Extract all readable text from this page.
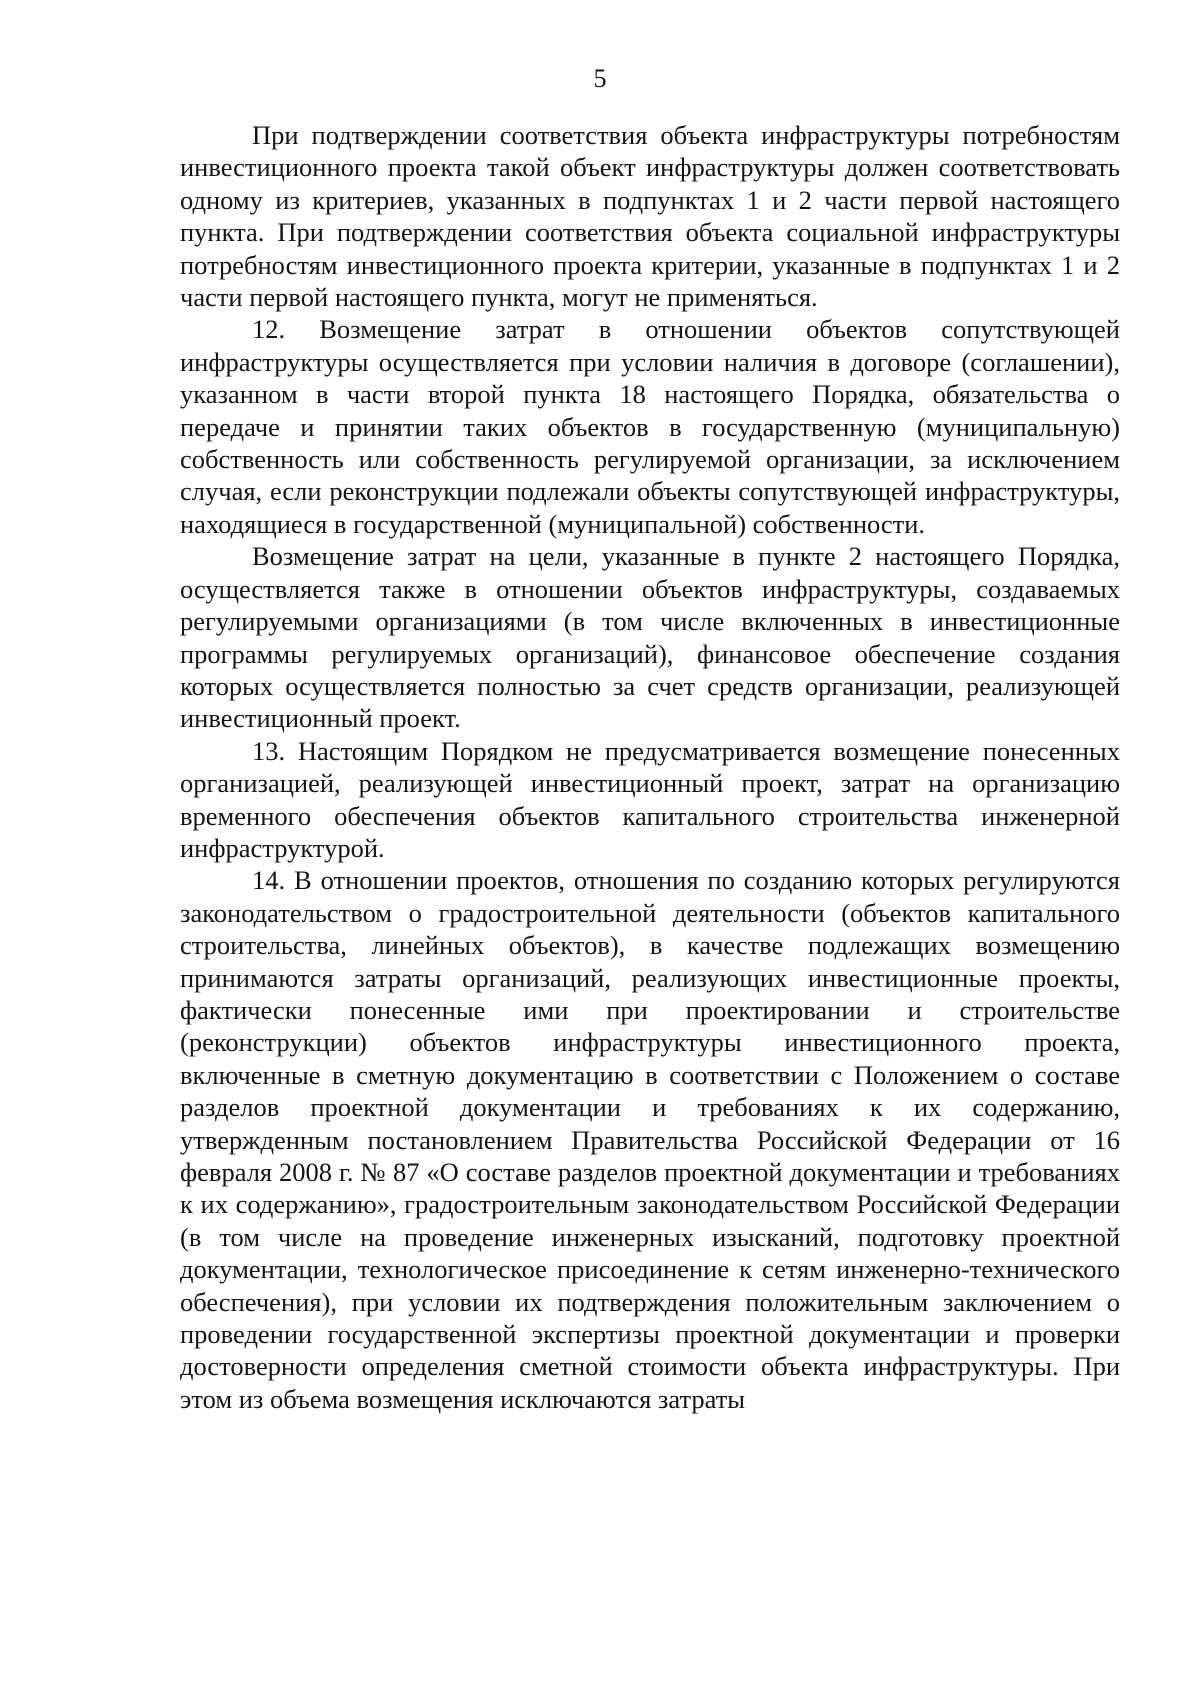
5

При подтверждении соответствия объекта инфраструктуры потребностям инвестиционного проекта такой объект инфраструктуры должен соответствовать одному из критериев, указанных в подпунктах 1 и 2 части первой настоящего пункта. При подтверждении соответствия объекта социальной инфраструктуры потребностям инвестиционного проекта критерии, указанные в подпунктах 1 и 2 части первой настоящего пункта, могут не применяться.

12. Возмещение затрат в отношении объектов сопутствующей инфраструктуры осуществляется при условии наличия в договоре (соглашении), указанном в части второй пункта 18 настоящего Порядка, обязательства о передаче и принятии таких объектов в государственную (муниципальную) собственность или собственность регулируемой организации, за исключением случая, если реконструкции подлежали объекты сопутствующей инфраструктуры, находящиеся в государственной (муниципальной) собственности.

Возмещение затрат на цели, указанные в пункте 2 настоящего Порядка, осуществляется также в отношении объектов инфраструктуры, создаваемых регулируемыми организациями (в том числе включенных в инвестиционные программы регулируемых организаций), финансовое обеспечение создания которых осуществляется полностью за счет средств организации, реализующей инвестиционный проект.

13. Настоящим Порядком не предусматривается возмещение понесенных организацией, реализующей инвестиционный проект, затрат на организацию временного обеспечения объектов капитального строительства инженерной инфраструктурой.

14. В отношении проектов, отношения по созданию которых регулируются законодательством о градостроительной деятельности (объектов капитального строительства, линейных объектов), в качестве подлежащих возмещению принимаются затраты организаций, реализующих инвестиционные проекты, фактически понесенные ими при проектировании и строительстве (реконструкции) объектов инфраструктуры инвестиционного проекта, включенные в сметную документацию в соответствии с Положением о составе разделов проектной документации и требованиях к их содержанию, утвержденным постановлением Правительства Российской Федерации от 16 февраля 2008 г. № 87 «О составе разделов проектной документации и требованиях к их содержанию», градостроительным законодательством Российской Федерации (в том числе на проведение инженерных изысканий, подготовку проектной документации, технологическое присоединение к сетям инженерно-технического обеспечения), при условии их подтверждения положительным заключением о проведении государственной экспертизы проектной документации и проверки достоверности определения сметной стоимости объекта инфраструктуры. При этом из объема возмещения исключаются затраты
